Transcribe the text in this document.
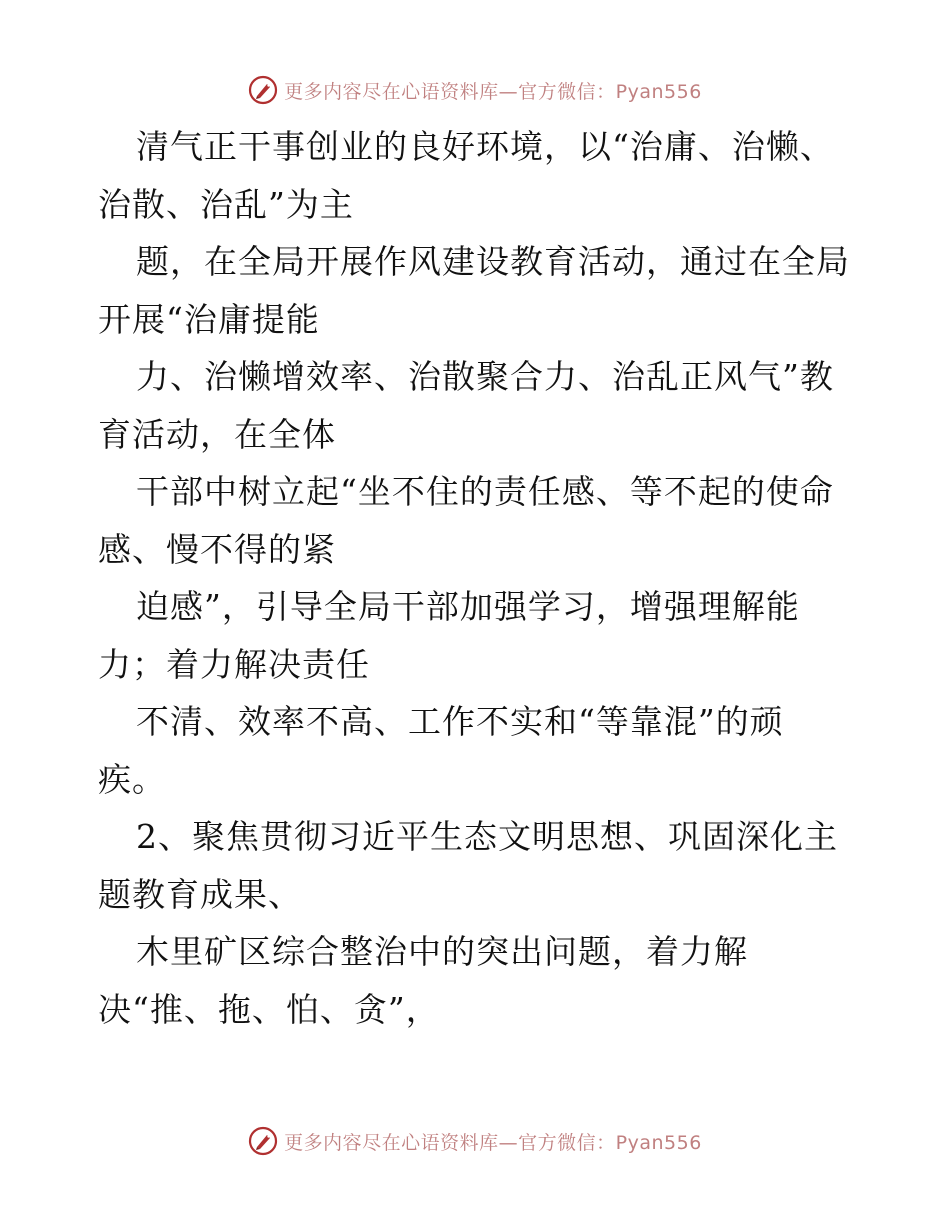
更多内容尽在心语资料库—官方微信：Pyan556
清气正干事创业的良好环境，以“治庸、治懒、
治散、治乱”为主
题，在全局开展作风建设教育活动，通过在全局
开展“治庸提能
力、治懒增效率、治散聚合力、治乱正风气”教
育活动，在全体
干部中树立起“坐不住的责任感、等不起的使命
感、慢不得的紧
迫感”，引导全局干部加强学习，增强理解能
力；着力解决责任
不清、效率不高、工作不实和“等靠混”的顽
疾。
2、聚焦贯彻习近平生态文明思想、巩固深化主
题教育成果、
木里矿区综合整治中的突出问题，着力解
决“推、拖、怕、贪”，
更多内容尽在心语资料库—官方微信：Pyan556
